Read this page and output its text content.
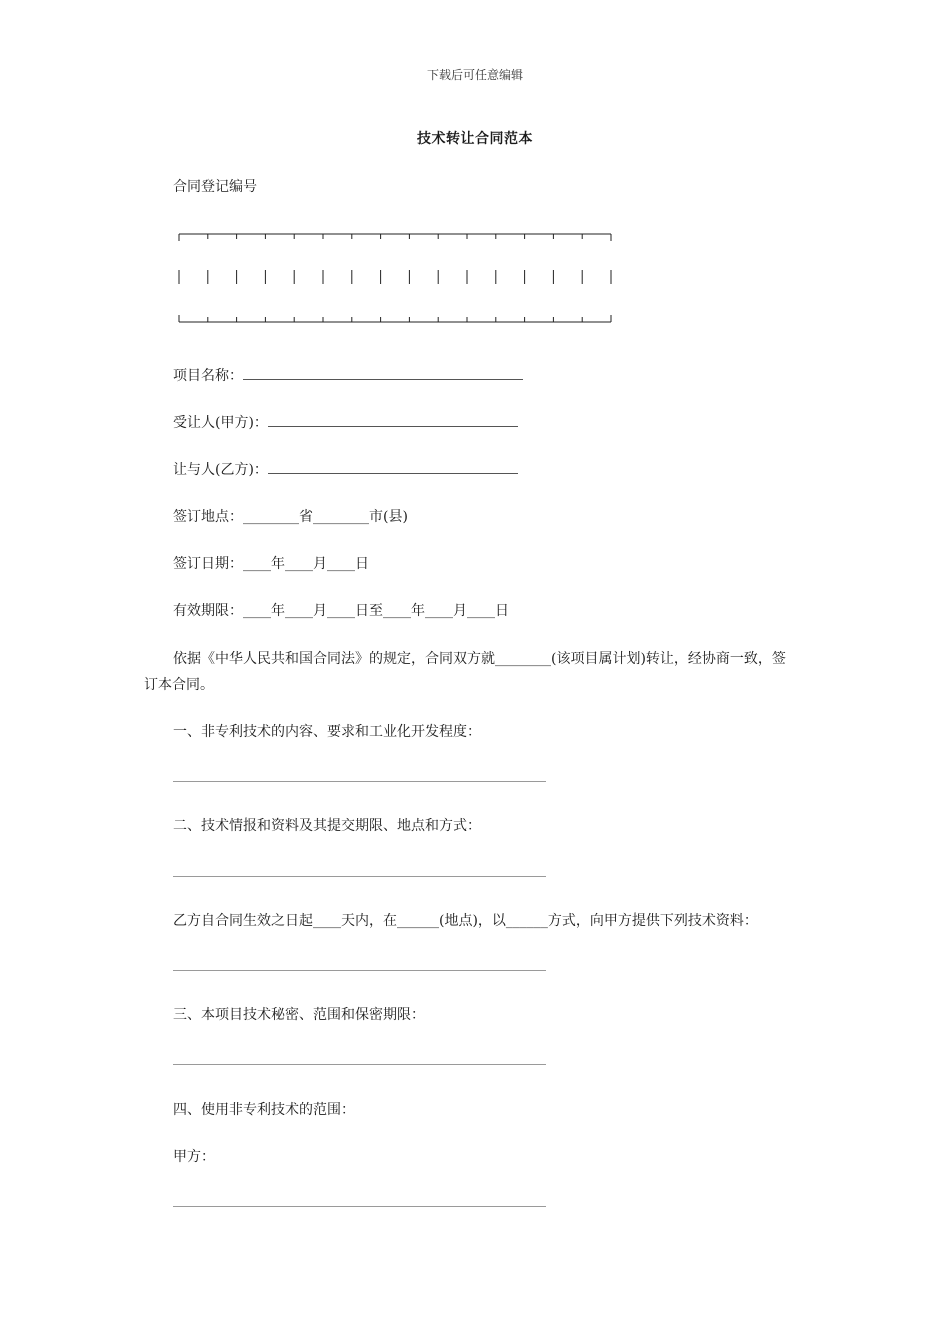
下载后可任意编辑
技术转让合同范本
合同登记编号
项目名称：
受让人(甲方)：
让与人(乙方)：
签订地点：________省________市(县)
签订日期：____年____月____日
有效期限：____年____月____日至____年____月____日
依据《中华人民共和国合同法》的规定，合同双方就________(该项目属计划)转让，经协商一致，签
订本合同。
一、非专利技术的内容、要求和工业化开发程度：
二、技术情报和资料及其提交期限、地点和方式：
乙方自合同生效之日起____天内，在______(地点)，以______方式，向甲方提供下列技术资料：
三、本项目技术秘密、范围和保密期限：
四、使用非专利技术的范围：
甲方：
